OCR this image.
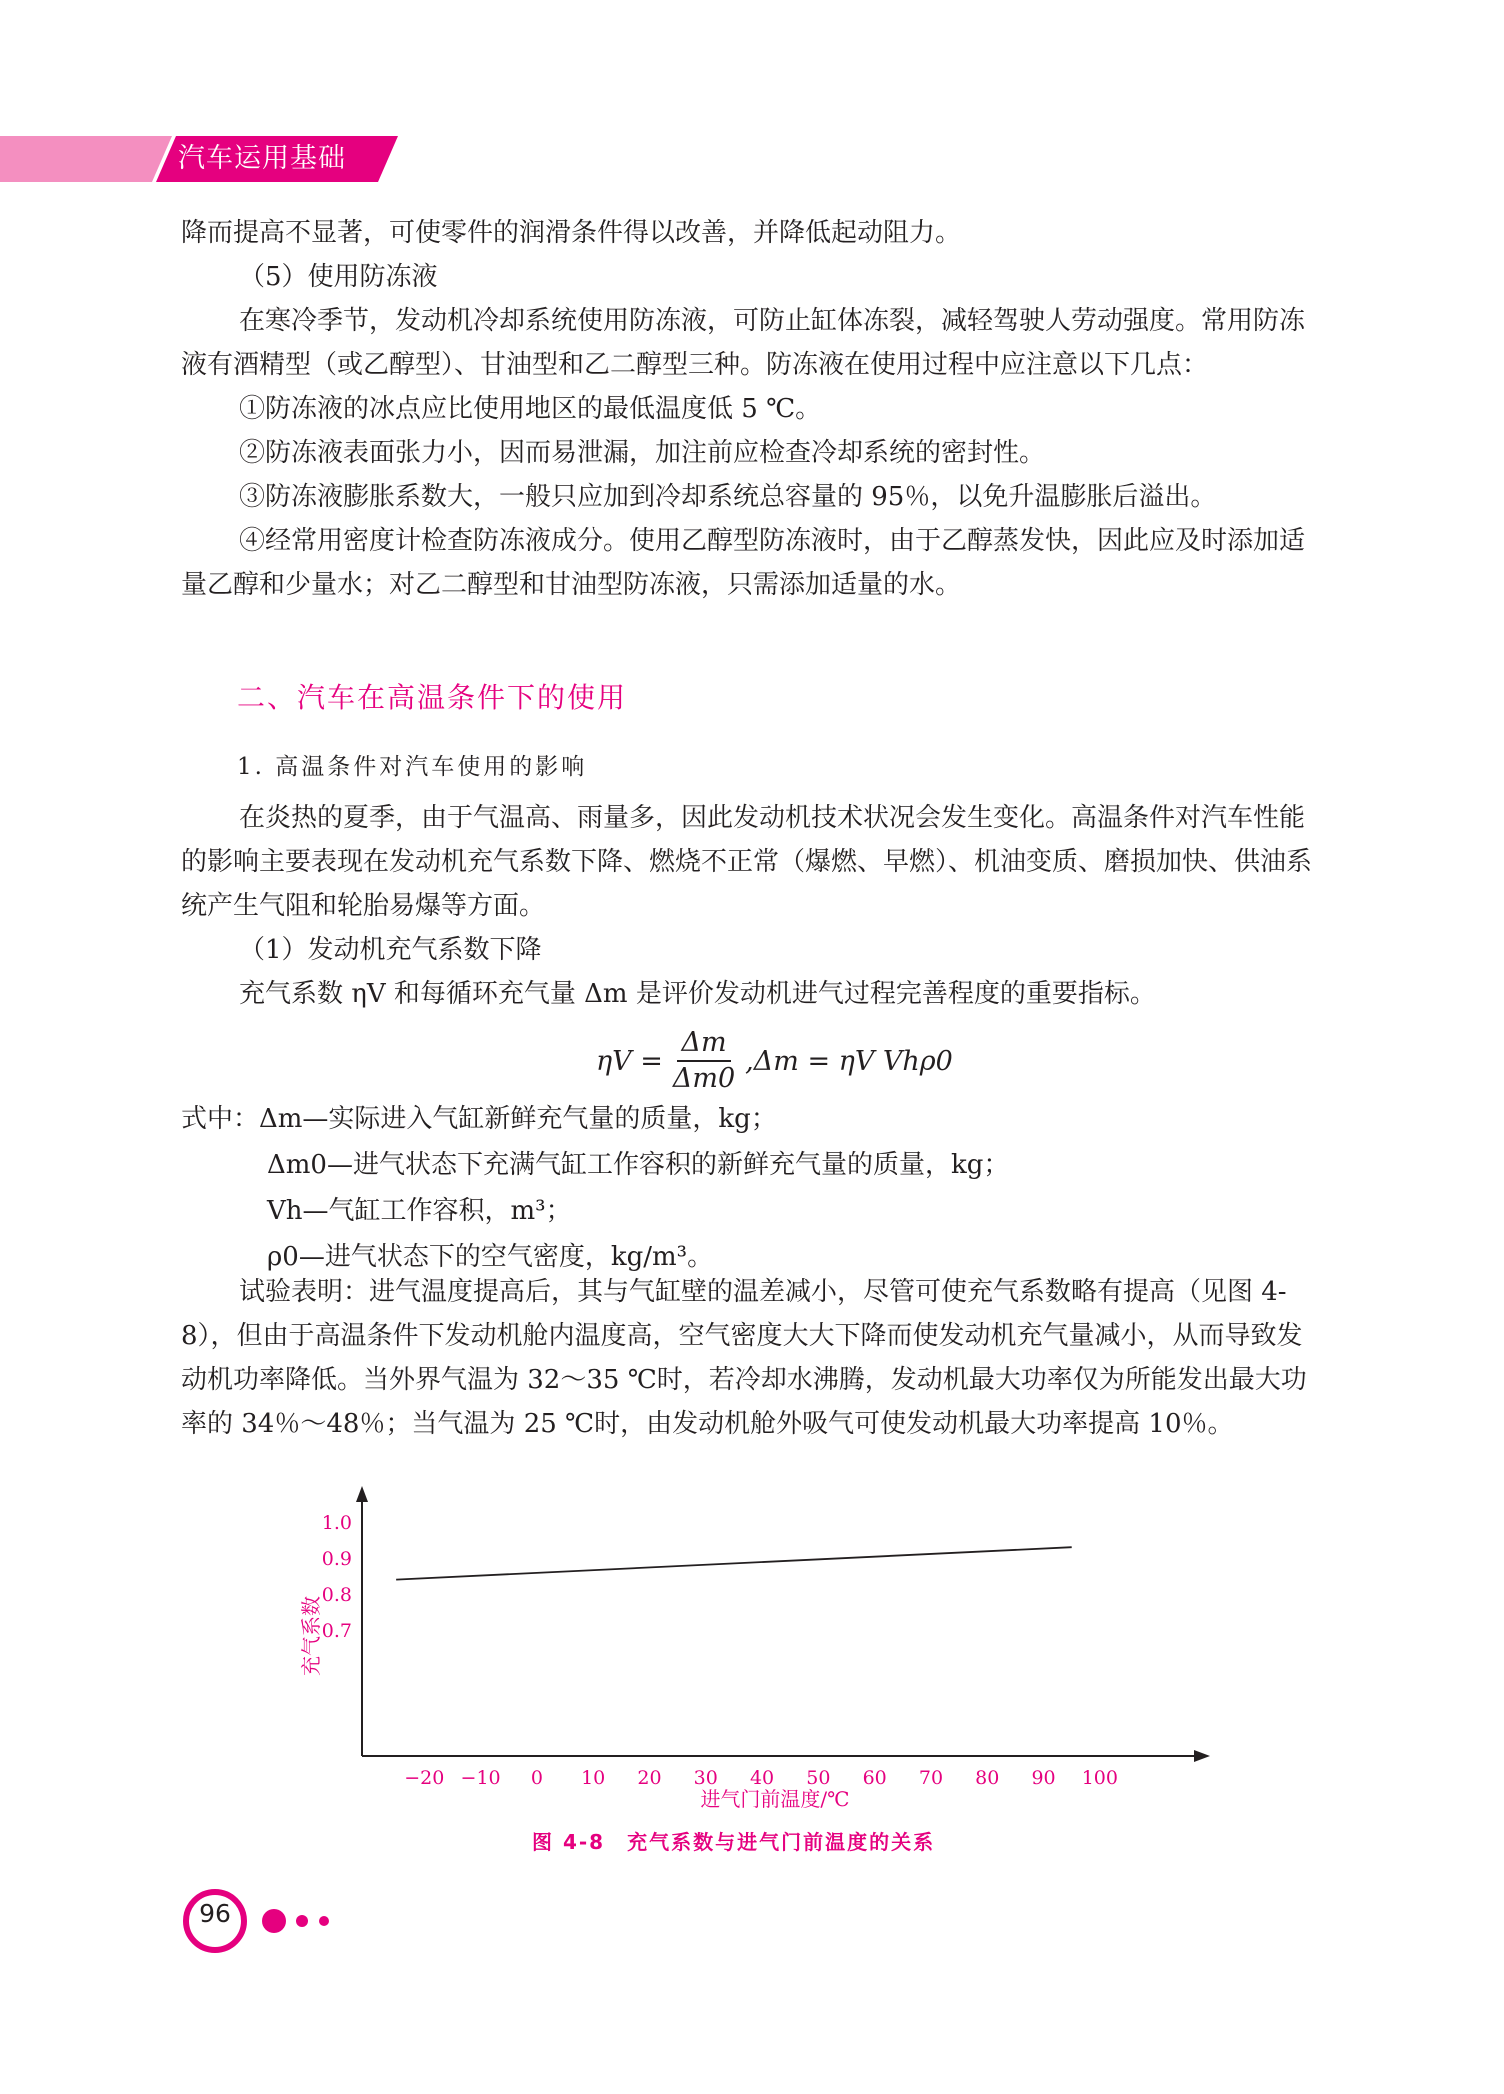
汽车运用基础

降而提高不显著，可使零件的润滑条件得以改善，并降低起动阻力。

（5）使用防冻液

在寒冷季节，发动机冷却系统使用防冻液，可防止缸体冻裂，减轻驾驶人劳动强度。常用防冻液有酒精型（或乙醇型）、甘油型和乙二醇型三种。防冻液在使用过程中应注意以下几点：

①防冻液的冰点应比使用地区的最低温度低 5 ℃。

②防冻液表面张力小，因而易泄漏，加注前应检查冷却系统的密封性。

③防冻液膨胀系数大，一般只应加到冷却系统总容量的 95％，以免升温膨胀后溢出。

④经常用密度计检查防冻液成分。使用乙醇型防冻液时，由于乙醇蒸发快，因此应及时添加适量乙醇和少量水；对乙二醇型和甘油型防冻液，只需添加适量的水。

二、汽车在高温条件下的使用
1. 高温条件对汽车使用的影响

在炎热的夏季，由于气温高、雨量多，因此发动机技术状况会发生变化。高温条件对汽车性能的影响主要表现在发动机充气系数下降、燃烧不正常（爆燃、早燃）、机油变质、磨损加快、供油系统产生气阻和轮胎易爆等方面。

（1）发动机充气系数下降

充气系数 ηV 和每循环充气量 Δm 是评价发动机进气过程完善程度的重要指标。

$\eta V = \frac{\Delta m}{\Delta m0} ,\Delta m = \eta V$ Vhρ0

式中：Δm—实际进入气缸新鲜充气量的质量，kg；

Δm0—进气状态下充满气缸工作容积的新鲜充气量的质量，kg；

Vh—气缸工作容积，m³；

ρ0—进气状态下的空气密度，kg/m³。

试验表明：进气温度提高后，其与气缸壁的温差减小，尽管可使充气系数略有提高（见图 4-8），但由于高温条件下发动机舱内温度高，空气密度大大下降而使发动机充气量减小，从而导致发动机功率降低。当外界气温为 32～35 ℃时，若冷却水沸腾，发动机最大功率仅为所能发出最大功率的 34％～48％；当气温为 25 ℃时，由发动机舱外吸气可使发动机最大功率提高 10％。

−20 −10 0 10 20 30 40 50 60 70 80 90 100
1.0
0.9
0.8
0.7
进气门前温度/℃
充气系数
图 4-8　充气系数与进气门前温度的关系
96
